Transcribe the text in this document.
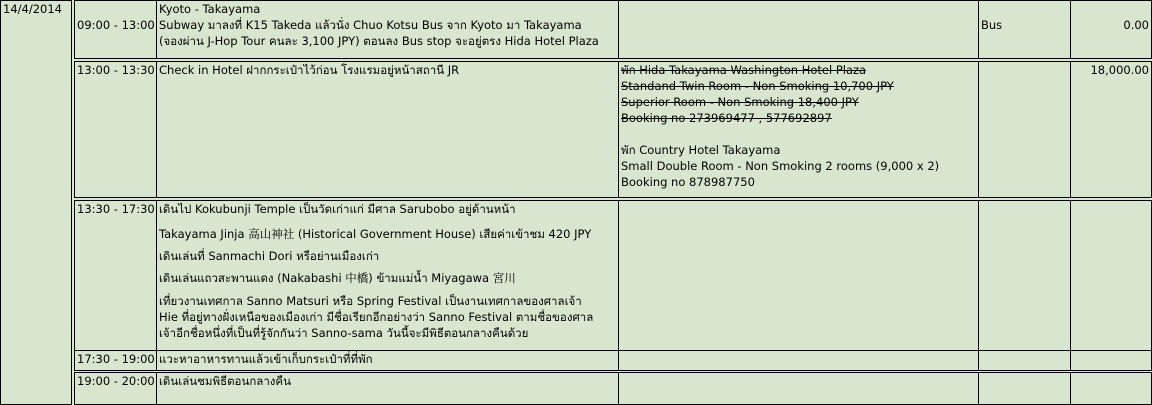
14/4/2014
09:00 - 13:00
Kyoto - Takayama
Subway มาลงที่ K15 Takeda แล้วนั่ง Chuo Kotsu Bus จาก Kyoto มา Takayama
(จองผ่าน J-Hop Tour คนละ 3,100 JPY) ตอนลง Bus stop จะอยู่ตรง Hida Hotel Plaza
Bus	0.00
13:00 - 13:30 Check in Hotel ฝากกระเป๋าไว้ก่อน โรงแรมอยู่หน้าสถานี JR	พัก Hida Takayama Washington Hotel Plaza
Standand Twin Room - Non Smoking 10,700 JPY
Superior Room - Non Smoking 18,400 JPY
Booking no 273969477 , 577692897
พัก Country Hotel Takayama
Small Double Room - Non Smoking 2 rooms (9,000 x 2)
Booking no 878987750
18,000.00
13:30 - 17:30 เดินไป Kokubunji Temple เป็นวัดเก่าแก่ มีศาล Sarubobo อยู่ด้านหน้า
Takayama Jinja 高山神社 (Historical Government House) เสียค่าเข้าชม 420 JPY
เดินเล่นที่ Sanmachi Dori หรือย่านเมืองเก่า
เดินเล่นแถวสะพานแดง (Nakabashi 中橋) ข้ามแม่น้ำ Miyagawa 宮川
เที่ยวงานเทศกาล Sanno Matsuri หรือ Spring Festival เป็นงานเทศกาลของศาลเจ้า
Hie ที่อยู่ทางฝั่งเหนือของเมืองเก่า มีชื่อเรียกอีกอย่างว่า Sanno Festival ตามชื่อของศาล
เจ้าอีกชื่อหนึ่งที่เป็นที่รู้จักกันว่า Sanno-sama วันนี้จะมีพิธีตอนกลางคืนด้วย
17:30 - 19:00 แวะหาอาหารทานแล้วเข้าเก็บกระเป๋าที่ที่พัก
19:00 - 20:00 เดินเล่นชมพิธีตอนกลางคืน
